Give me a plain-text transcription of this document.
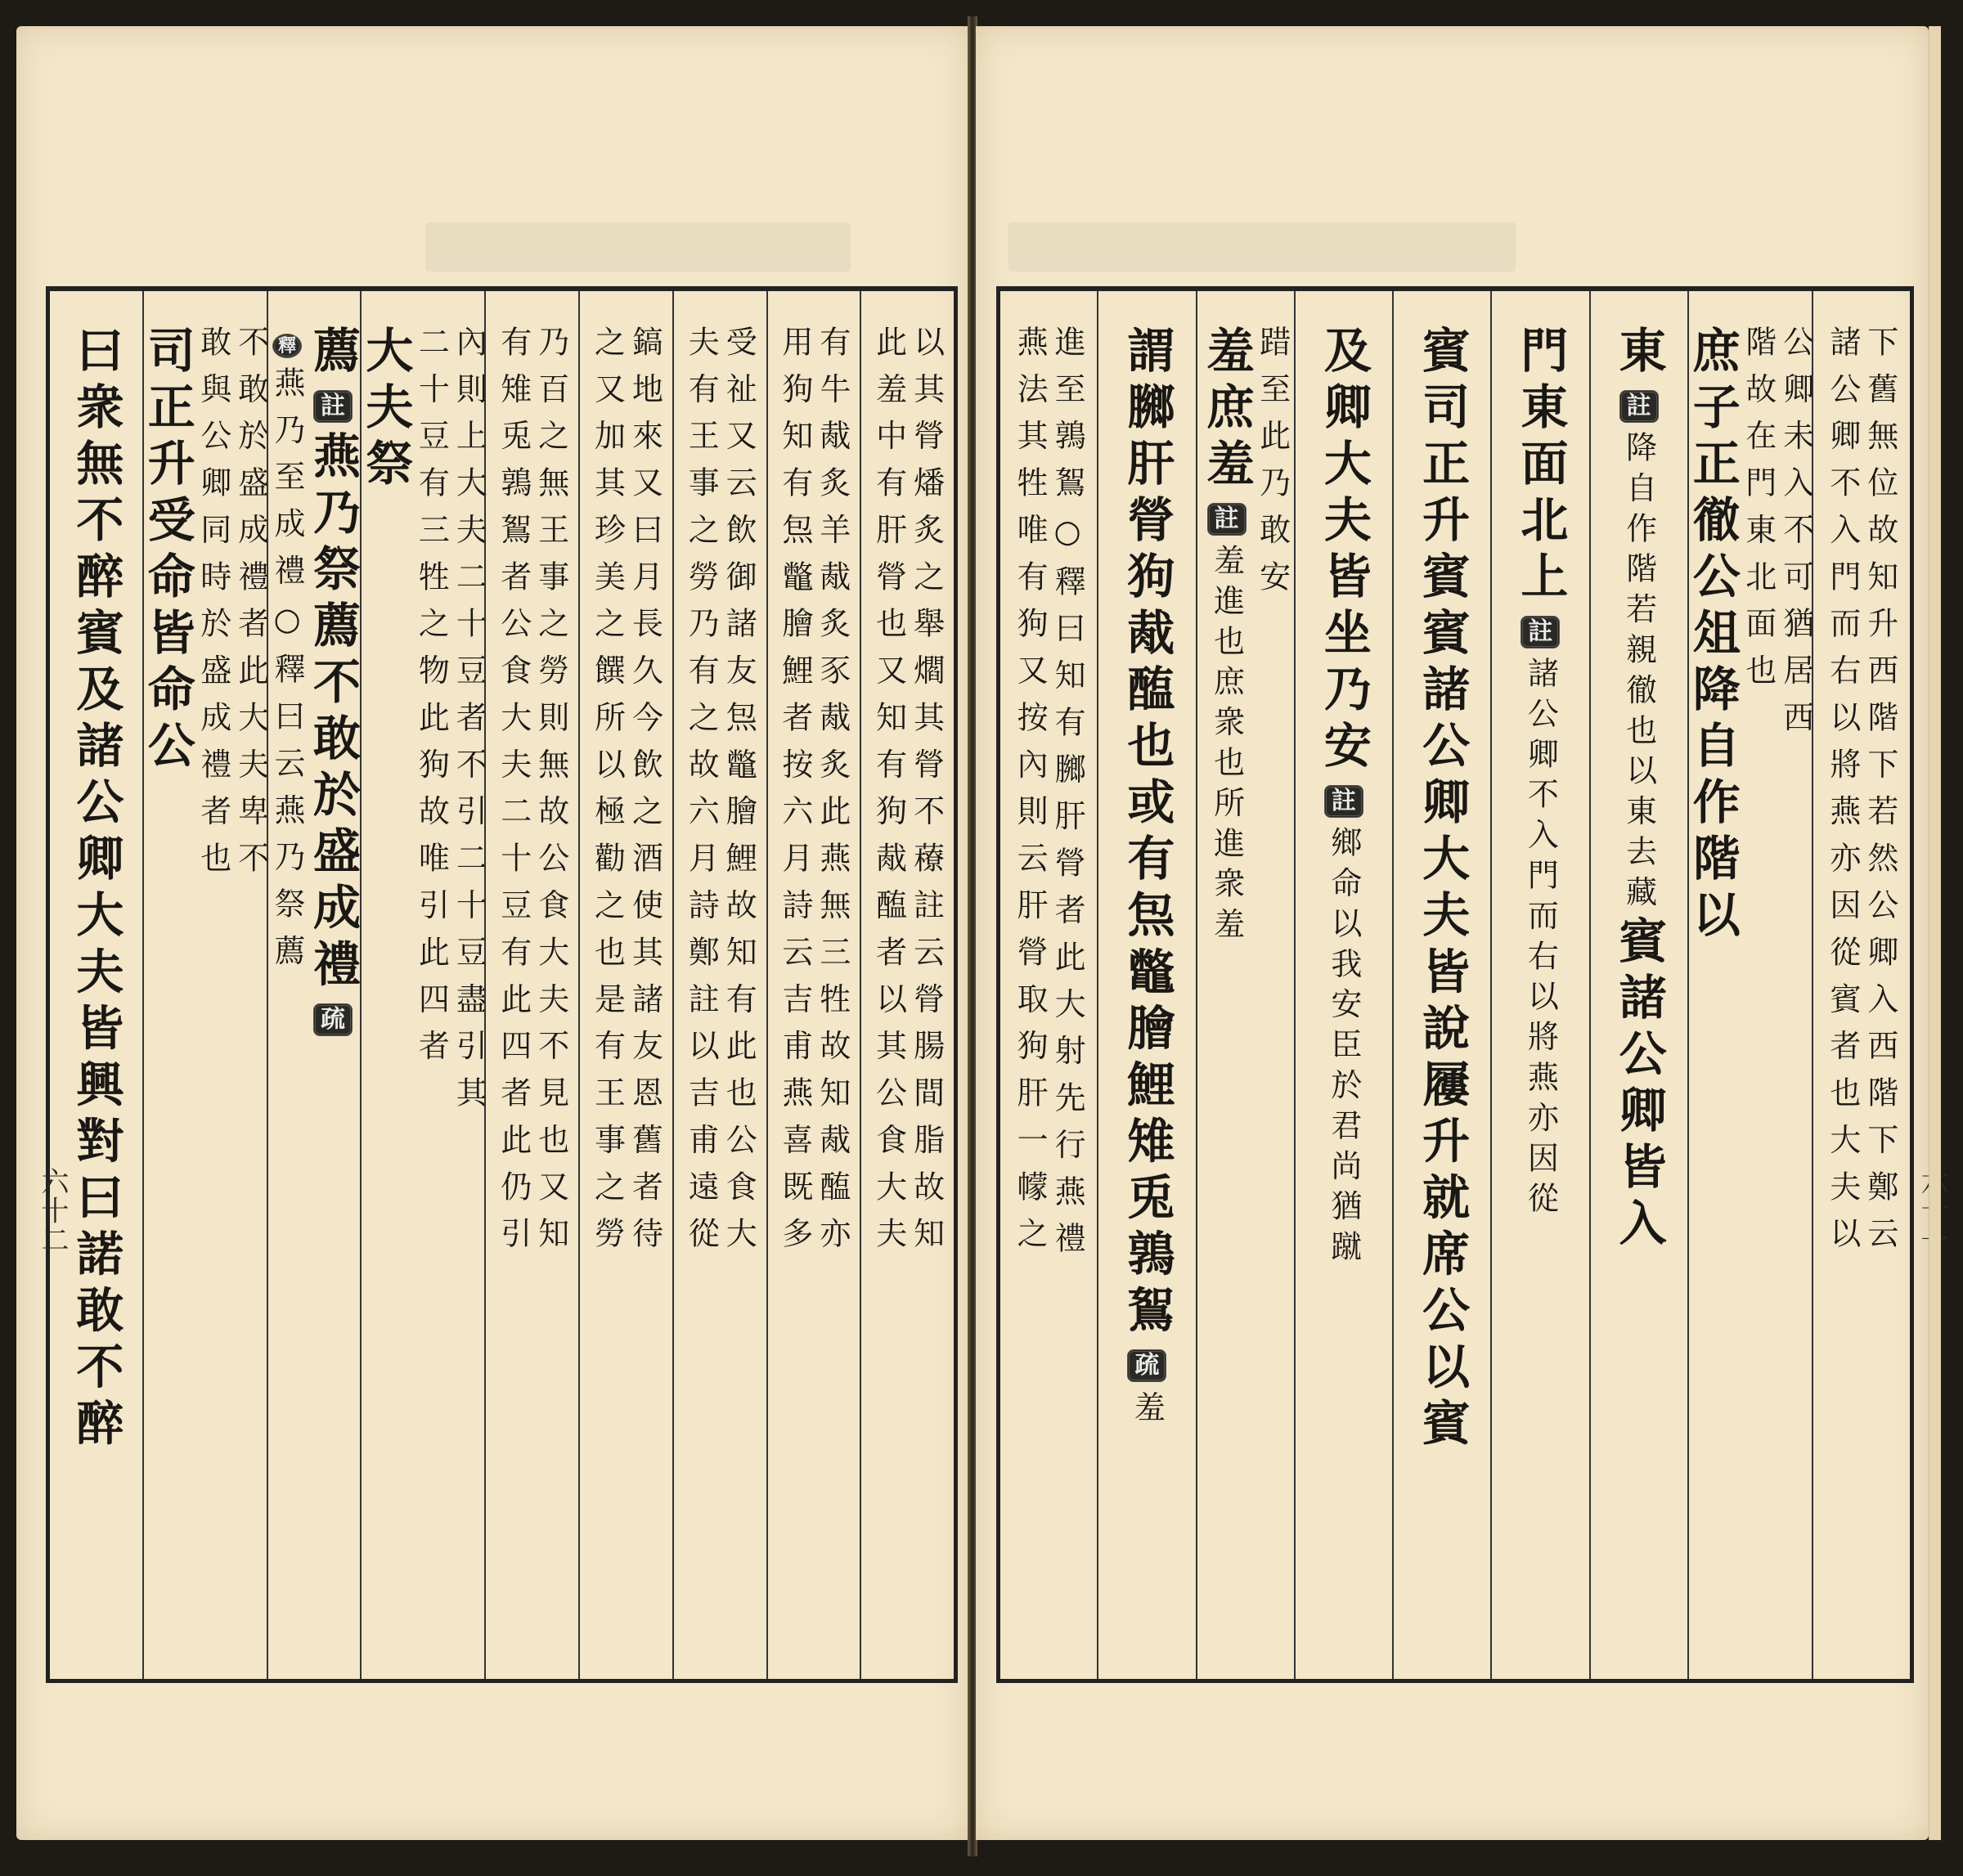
以其膋燔炙之舉爓其膋不䕩註云膋腸間脂故知
此羞中有肝膋也又知有狗胾醢者以其公食大夫
有牛胾炙羊胾炙豕胾炙此燕無三牲故知胾醢亦
用狗知有炰鼈膾鯉者按六月詩云吉甫燕喜既多
受祉又云飲御諸友炰鼈膾鯉故知有此也公食大
夫有王事之勞乃有之故六月詩鄭註以吉甫遠從
鎬地來又曰月長久今飲之酒使其諸友恩舊者待
之又加其珍美之饌所以極勸之也是有王事之勞
乃百之無王事之勞則無故公食大夫不見也又知
有雉兎鶉鴽者公食大夫二十豆有此四者此仍引
內則上大夫二十豆者不引二十豆盡引其
二十豆有三牲之物此狗故唯引此四者
大夫祭
薦註燕乃祭薦不敢於盛成禮疏
釋燕乃至成禮○釋曰云燕乃祭薦
不敢於盛成禮者此大夫卑不
敢與公卿同時於盛成禮者也
司正升受命皆命公
曰衆無不醉賓及諸公卿大夫皆興對曰諾敢不醉
六十二	下舊無位故知升西階下若然公卿入西階下鄭云
諸公卿不入門而右以將燕亦因從賓者也大夫以
公卿未入不可猶居西
階故在門東北面也
庶子正徹公俎降自作階以
東註降自作階若親徹也以東去藏賓諸公卿皆入
門東面北上註諸公卿不入門而右以將燕亦因從
賓司正升賓賓諸公卿大夫皆說屨升就席公以賓
及卿大夫皆坐乃安註鄉命以我安臣於君尚猶蹴
踖至此乃敢安
羞庶羞註羞進也庶衆也所進衆羞
謂膷肝膋狗胾醢也或有炰鼈膾鯉雉兎鶉鴽疏羞
進至鶉鴽○釋曰知有膷肝膋者此大射先行燕禮
燕法其牲唯有狗又按內則云肝膋取狗肝一幪之
